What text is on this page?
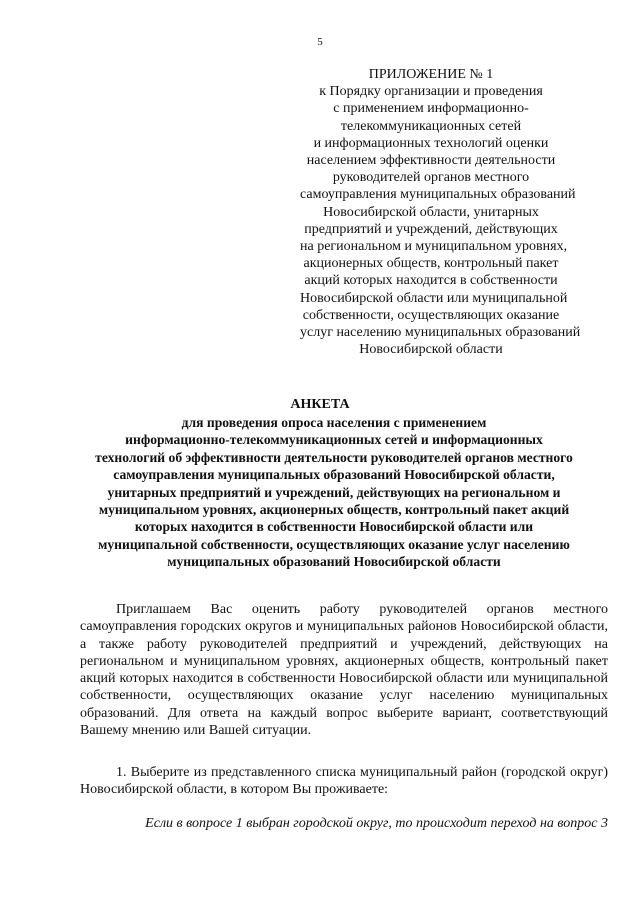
5
ПРИЛОЖЕНИЕ № 1
к Порядку организации и проведения
с применением информационно-
телекоммуникационных сетей
и информационных технологий оценки
населением эффективности деятельности
руководителей органов местного
самоуправления муниципальных образований
Новосибирской области, унитарных
предприятий и учреждений, действующих
на региональном и муниципальном уровнях,
акционерных обществ, контрольный пакет
акций которых находится в собственности
Новосибирской области или муниципальной
собственности, осуществляющих оказание
услуг населению муниципальных образований
Новосибирской области
АНКЕТА
для проведения опроса населения с применением
информационно-телекоммуникационных сетей и информационных
технологий об эффективности деятельности руководителей органов местного
самоуправления муниципальных образований Новосибирской области,
унитарных предприятий и учреждений, действующих на региональном и
муниципальном уровнях, акционерных обществ, контрольный пакет акций
которых находится в собственности Новосибирской области или
муниципальной собственности, осуществляющих оказание услуг населению
муниципальных образований Новосибирской области

Приглашаем Вас оценить работу руководителей органов местного самоуправления городских округов и муниципальных районов Новосибирской области, а также работу руководителей предприятий и учреждений, действующих на региональном и муниципальном уровнях, акционерных обществ, контрольный пакет акций которых находится в собственности Новосибирской области или муниципальной собственности, осуществляющих оказание услуг населению муниципальных образований. Для ответа на каждый вопрос выберите вариант, соответствующий Вашему мнению или Вашей ситуации.

1. Выберите из представленного списка муниципальный район (городской округ) Новосибирской области, в котором Вы проживаете:

Если в вопросе 1 выбран городской округ, то происходит переход на вопрос 3
